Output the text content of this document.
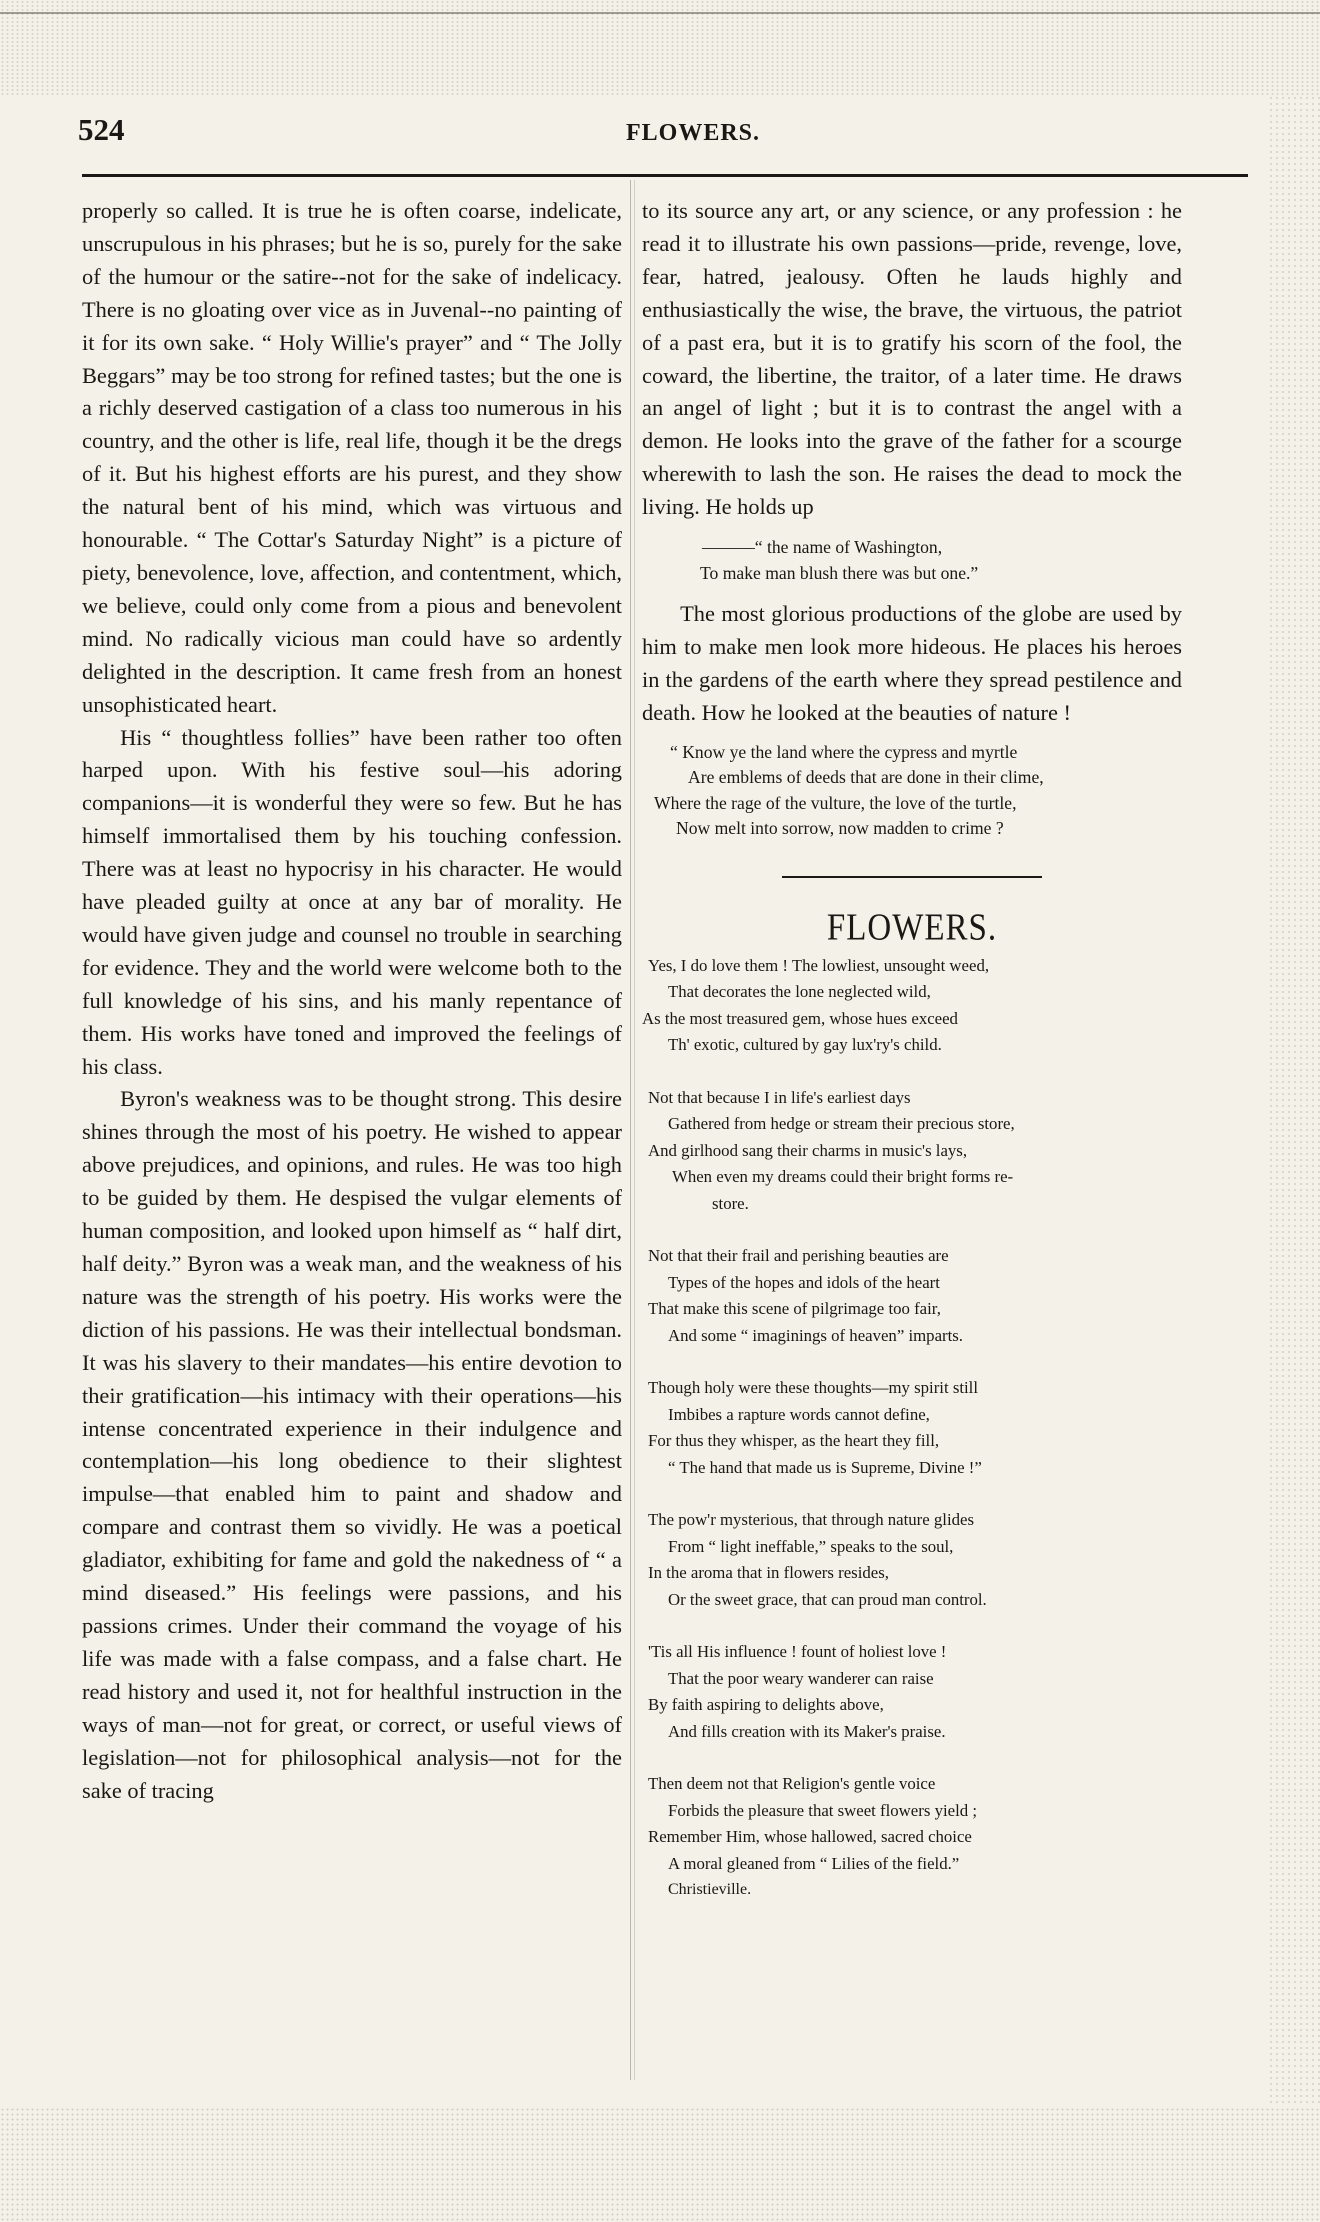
524	FLOWERS.

properly so called. It is true he is often coarse, indelicate, unscrupulous in his phrases; but he is so, purely for the sake of the humour or the satire--not for the sake of indelicacy. There is no gloating over vice as in Juvenal--no painting of it for its own sake. “ Holy Willie's prayer” and “ The Jolly Beggars” may be too strong for refined tastes; but the one is a richly deserved castigation of a class too numerous in his country, and the other is life, real life, though it be the dregs of it. But his highest efforts are his purest, and they show the natural bent of his mind, which was virtuous and honourable. “ The Cottar's Saturday Night” is a picture of piety, benevolence, love, affection, and contentment, which, we believe, could only come from a pious and benevolent mind. No radically vicious man could have so ardently delighted in the description. It came fresh from an honest unsophisticated heart.

His “ thoughtless follies” have been rather too often harped upon. With his festive soul—his adoring companions—it is wonderful they were so few. But he has himself immortalised them by his touching confession. There was at least no hypocrisy in his character. He would have pleaded guilty at once at any bar of morality. He would have given judge and counsel no trouble in searching for evidence. They and the world were welcome both to the full knowledge of his sins, and his manly repentance of them. His works have toned and improved the feelings of his class.

Byron's weakness was to be thought strong. This desire shines through the most of his poetry. He wished to appear above prejudices, and opinions, and rules. He was too high to be guided by them. He despised the vulgar elements of human composition, and looked upon himself as “ half dirt, half deity.” Byron was a weak man, and the weakness of his nature was the strength of his poetry. His works were the diction of his passions. He was their intellectual bondsman. It was his slavery to their mandates—his entire devotion to their gratification—his intimacy with their operations—his intense concentrated experience in their indulgence and contemplation—his long obedience to their slightest impulse—that enabled him to paint and shadow and compare and contrast them so vividly. He was a poetical gladiator, exhibiting for fame and gold the nakedness of “ a mind diseased.” His feelings were passions, and his passions crimes. Under their command the voyage of his life was made with a false compass, and a false chart. He read history and used it, not for healthful instruction in the ways of man—not for great, or correct, or useful views of legislation—not for philosophical analysis—not for the sake of tracing

to its source any art, or any science, or any profession : he read it to illustrate his own passions—pride, revenge, love, fear, hatred, jealousy. Often he lauds highly and enthusiastically the wise, the brave, the virtuous, the patriot of a past era, but it is to gratify his scorn of the fool, the coward, the libertine, the traitor, of a later time. He draws an angel of light ; but it is to contrast the angel with a demon. He looks into the grave of the father for a scourge wherewith to lash the son. He raises the dead to mock the living. He holds up

———“ the name of Washington,
To make man blush there was but one.”

The most glorious productions of the globe are used by him to make men look more hideous. He places his heroes in the gardens of the earth where they spread pestilence and death. How he looked at the beauties of nature !

“ Know ye the land where the cypress and myrtle
Are emblems of deeds that are done in their clime,
Where the rage of the vulture, the love of the turtle,
Now melt into sorrow, now madden to crime ?
FLOWERS.
Yes, I do love them ! The lowliest, unsought weed,
That decorates the lone neglected wild,
As the most treasured gem, whose hues exceed
Th' exotic, cultured by gay lux'ry's child.
Not that because I in life's earliest days
Gathered from hedge or stream their precious store,
And girlhood sang their charms in music's lays,
When even my dreams could their bright forms re-
store.
Not that their frail and perishing beauties are
Types of the hopes and idols of the heart
That make this scene of pilgrimage too fair,
And some “ imaginings of heaven” imparts.
Though holy were these thoughts—my spirit still
Imbibes a rapture words cannot define,
For thus they whisper, as the heart they fill,
“ The hand that made us is Supreme, Divine !”
The pow'r mysterious, that through nature glides
From “ light ineffable,” speaks to the soul,
In the aroma that in flowers resides,
Or the sweet grace, that can proud man control.
'Tis all His influence ! fount of holiest love !
That the poor weary wanderer can raise
By faith aspiring to delights above,
And fills creation with its Maker's praise.
Then deem not that Religion's gentle voice
Forbids the pleasure that sweet flowers yield ;
Remember Him, whose hallowed, sacred choice
A moral gleaned from “ Lilies of the field.”
Christieville.
